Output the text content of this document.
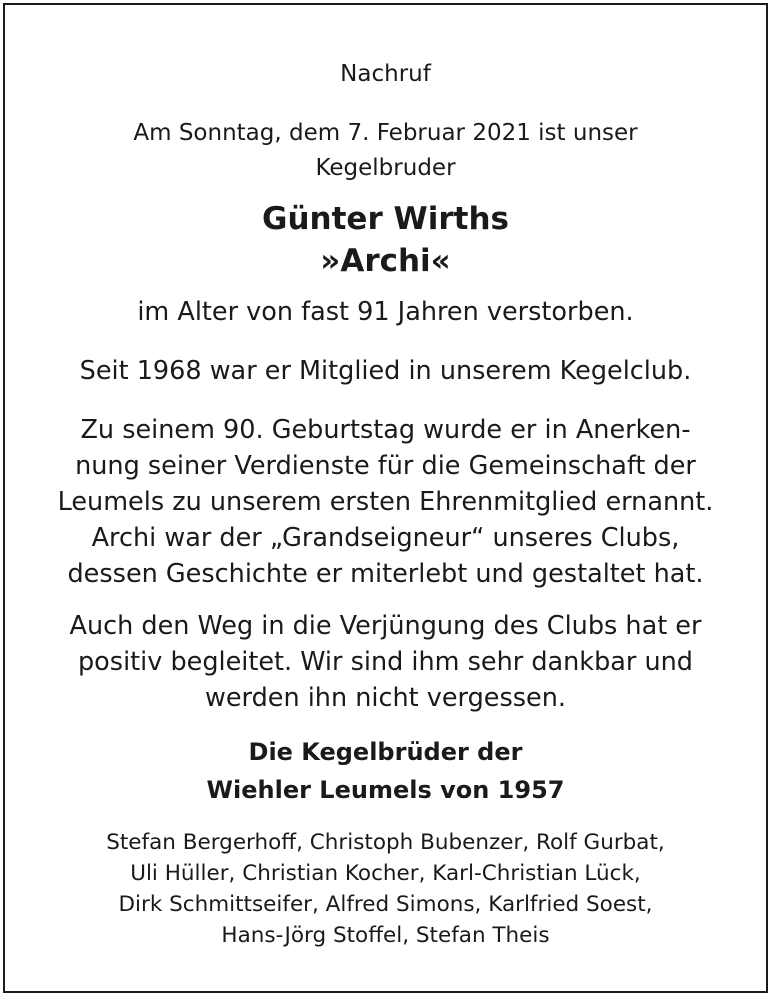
Nachruf
Am Sonntag, dem 7. Februar 2021 ist unser
Kegelbruder
Günter Wirths
»Archi«
im Alter von fast 91 Jahren verstorben.
Seit 1968 war er Mitglied in unserem Kegelclub.
Zu seinem 90. Geburtstag wurde er in Anerken-
nung seiner Verdienste für die Gemeinschaft der
Leumels zu unserem ersten Ehrenmitglied ernannt.
Archi war der „Grandseigneur“ unseres Clubs,
dessen Geschichte er miterlebt und gestaltet hat.
Auch den Weg in die Verjüngung des Clubs hat er
positiv begleitet. Wir sind ihm sehr dankbar und
werden ihn nicht vergessen.
Die Kegelbrüder der
Wiehler Leumels von 1957
Stefan Bergerhoff, Christoph Bubenzer, Rolf Gurbat,
Uli Hüller, Christian Kocher, Karl-Christian Lück,
Dirk Schmittseifer, Alfred Simons, Karlfried Soest,
Hans-Jörg Stoffel, Stefan Theis
